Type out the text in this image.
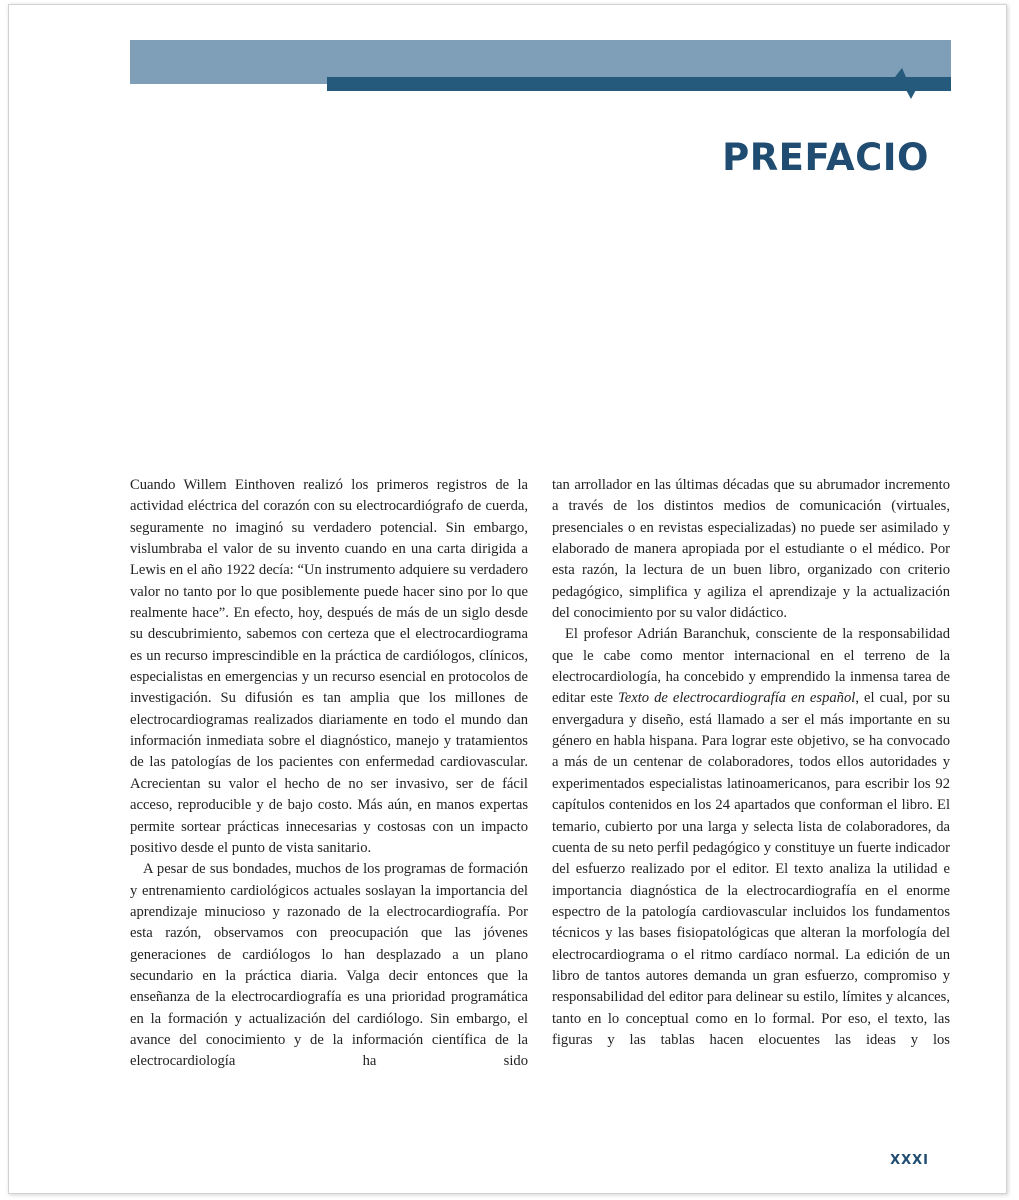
PREFACIO

Cuando Willem Einthoven realizó los primeros registros de la actividad eléctrica del corazón con su electrocardiógrafo de cuerda, seguramente no imaginó su verdadero potencial. Sin embargo, vislumbraba el valor de su invento cuando en una carta dirigida a Lewis en el año 1922 decía: “Un instrumento adquiere su verdadero valor no tanto por lo que posiblemente puede hacer sino por lo que realmente hace”. En efecto, hoy, después de más de un siglo desde su descubrimiento, sabemos con certeza que el electrocardiograma es un recurso imprescindible en la práctica de cardiólogos, clínicos, especialistas en emergencias y un recurso esencial en protocolos de investigación. Su difusión es tan amplia que los millones de electrocardiogramas realizados diariamente en todo el mundo dan información inmediata sobre el diagnóstico, manejo y tratamientos de las patologías de los pacientes con enfermedad cardiovascular. Acrecientan su valor el hecho de no ser invasivo, ser de fácil acceso, reproducible y de bajo costo. Más aún, en manos expertas permite sortear prácticas innecesarias y costosas con un impacto positivo desde el punto de vista sanitario.

A pesar de sus bondades, muchos de los programas de formación y entrenamiento cardiológicos actuales soslayan la importancia del aprendizaje minucioso y razonado de la electrocardiografía. Por esta razón, observamos con preocupación que las jóvenes generaciones de cardiólogos lo han desplazado a un plano secundario en la práctica diaria. Valga decir entonces que la enseñanza de la electrocardiografía es una prioridad programática en la formación y actualización del cardiólogo. Sin embargo, el avance del conocimiento y de la información científica de la electrocardiología ha sido

tan arrollador en las últimas décadas que su abrumador incremento a través de los distintos medios de comunicación (virtuales, presenciales o en revistas especializadas) no puede ser asimilado y elaborado de manera apropiada por el estudiante o el médico. Por esta razón, la lectura de un buen libro, organizado con criterio pedagógico, simplifica y agiliza el aprendizaje y la actualización del conocimiento por su valor didáctico.

El profesor Adrián Baranchuk, consciente de la responsabilidad que le cabe como mentor internacional en el terreno de la electrocardiología, ha concebido y emprendido la inmensa tarea de editar este Texto de electrocardiografía en español, el cual, por su envergadura y diseño, está llamado a ser el más importante en su género en habla hispana. Para lograr este objetivo, se ha convocado a más de un centenar de colaboradores, todos ellos autoridades y experimentados especialistas latinoamericanos, para escribir los 92 capítulos contenidos en los 24 apartados que conforman el libro. El temario, cubierto por una larga y selecta lista de colaboradores, da cuenta de su neto perfil pedagógico y constituye un fuerte indicador del esfuerzo realizado por el editor. El texto analiza la utilidad e importancia diagnóstica de la electrocardiografía en el enorme espectro de la patología cardiovascular incluidos los fundamentos técnicos y las bases fisiopatológicas que alteran la morfología del electrocardiograma o el ritmo cardíaco normal. La edición de un libro de tantos autores demanda un gran esfuerzo, compromiso y responsabilidad del editor para delinear su estilo, límites y alcances, tanto en lo conceptual como en lo formal. Por eso, el texto, las figuras y las tablas hacen elocuentes las ideas y los

XXXI
